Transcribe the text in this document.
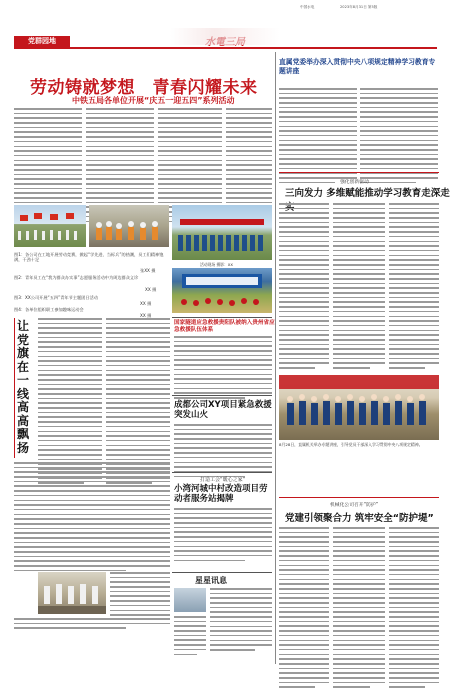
党群园地
中国水电	2023年8月31日 第5版
劳动铸就梦想　青春闪耀未来
中铁五局各单位开展“庆五一迎五四”系列活动
活动现场 摄影：XX
图1：各公司在工地开展劳动竞赛，掀起“学先进、当标兵”的热潮，员工们精神饱满，干劲十足
张XX 摄
图2：青年员工在“我为群众办实事”志愿服务活动中为周边群众义诊
XX 摄
图3：XX公司开展“五四”青年节主题团日活动
XX 摄
图4：各单位组织职工参加趣味运动会
XX 摄
让党旗在一线高高飘扬
国家隧道应急救援贵阳队被纳入贵州省应急救援队伍体系
成都公司XY项目紧急救援突发山火
打造工会“暖心之家”
小湾河城中村改造项目劳动者服务站揭牌
星星讯息
直属党委举办深入贯彻中央八项规定精神学习教育专题讲座
强化创新驱动
三向发力 多维赋能推动学习教育走深走
8月28日，直属机关举办专题讲座，引导党员干部深入学习贯彻中央八项规定精神。
机械化公司召开“防护”
党建引领聚合力 筑牢安全“防护堤”
